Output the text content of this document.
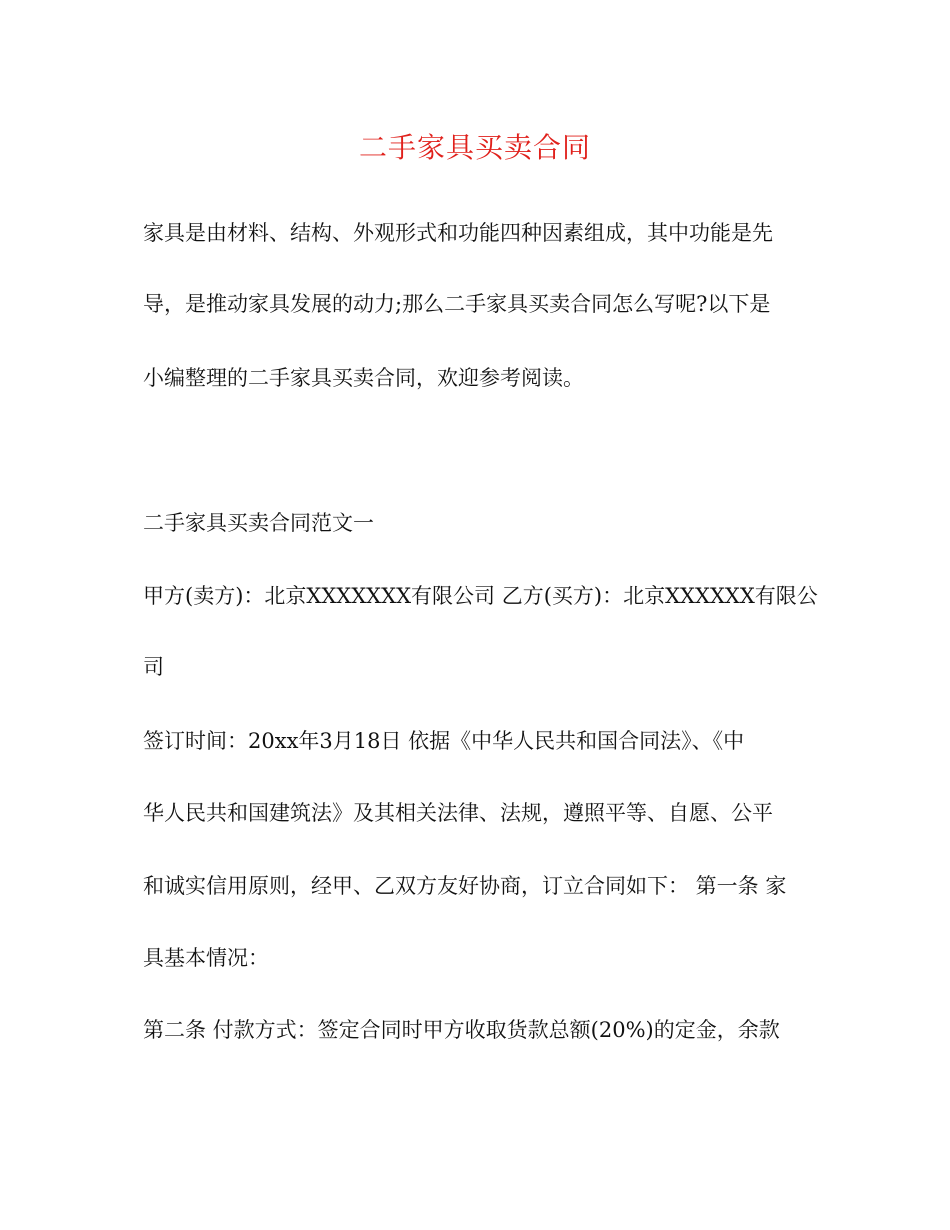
二手家具买卖合同
家具是由材料、结构、外观形式和功能四种因素组成，其中功能是先
导，是推动家具发展的动力;那么二手家具买卖合同怎么写呢?以下是
小编整理的二手家具买卖合同，欢迎参考阅读。
二手家具买卖合同范文一
甲方(卖方)：北京XXXXXXX有限公司 乙方(买方)：北京XXXXXX有限公
司
签订时间：20xx年3月18日 依据《中华人民共和国合同法》、《中
华人民共和国建筑法》及其相关法律、法规，遵照平等、自愿、公平
和诚实信用原则，经甲、乙双方友好协商，订立合同如下： 第一条 家
具基本情况：
第二条 付款方式：签定合同时甲方收取货款总额(20%)的定金，余款
